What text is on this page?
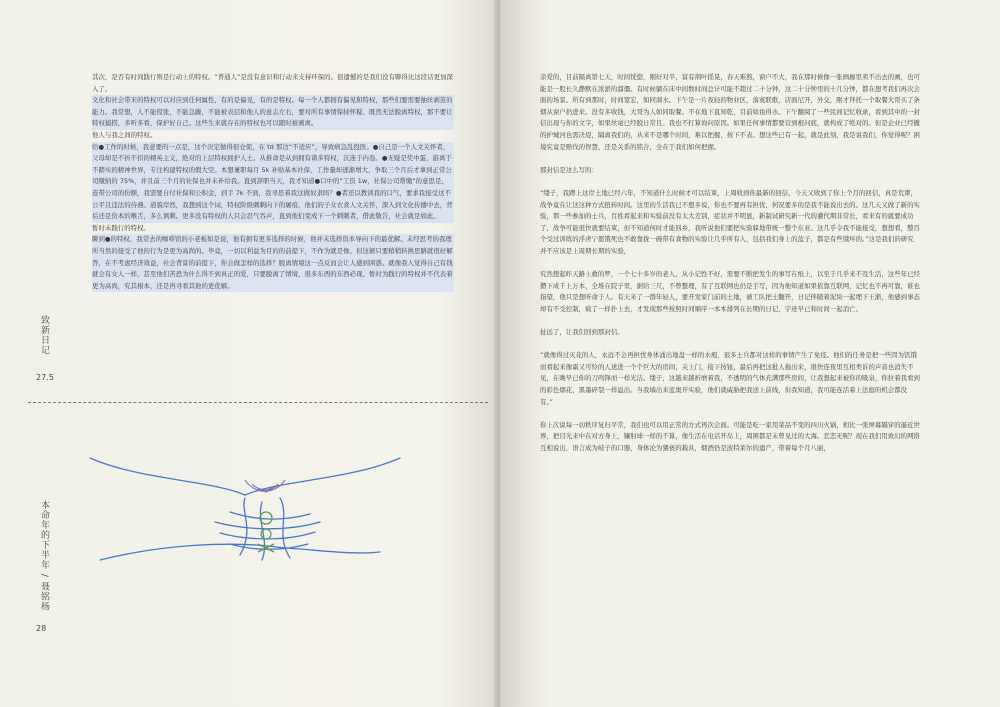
其次，是否有时间践行则是行动上的特权。“普通人”是没有意识和行动来支持环保的。很遗憾的是我们没有聊得比这段话更加深入了。

文化和社会带来的特权可以对应到任何属性，有的是偏见，有的是特权。每一个人都拥有偏见和特权，那些们要需要抽丝剥茧的能力。我常想，人不能慌张，不能急躁，不能被表层和他人的意志左右，要对所有事情保持怀疑。既然无法脱离特权，那不要让特权捕捞，多听多看，保护好自己。这些生来就存在的特权也可以随时被剥离。

他人与我之间的特权。

给●工作的时候，我意要的一点是，这个决定做得很仓促，在 td 那边“不适应”，导致病急乱投医。●自己是一个人文关怀者，父母却是不折不扣的精英主义，绝对的上层特权拥护人士。从推命是从到拥有诸多特权，沉迷于内卷。●无疑是奖中蛋，游离于不踏实的精神世界，专注构建特权的假大空。本想兼职每月 5k 补贴基本社保，工作量却逐渐增大，争取三个月后才拿到正常公司缴纳的 75%，并且前三个月的社保也并未补给我。直到辞职当天，我才知道●口中的“工资 1w，社保公司帮缴”的意思是，连带公司的份额，我需要自付社保和公积金，到手 7k 不到，我寻思着我这做奴隶吗？●者还以教训我的口气，要求我接受这不公平且违法的待遇。道貌岸然，我想到这个词，特权阶级刺刺向下的屠痕，他们的子女衣食人文关怀，深入到文化传播中去，背后还是资本的喉舌，多么讽刺。更多没有特权的人只会忍气吞声，直到他们变成下一个刺刺者，借此敬告，社会就是如此。

暂时未践行的特权。

聊到●的特权，我常去的咖啡馆的小老板如是说，他有拥有更多选择的时候，他并未选择资本导向下的最优解。未经思考的我理所当然的接受了他的行为是更为高尚的。毕竟，一切以利益为目的的前提下，不作为就是像。但这颠只要稍稍转换思路就很好解答，在不考虑经济效益，社会背景的前提下，你会做怎样的选择？脱离情境这一点反而会让人感到困惑。就像我人觉得自己有钱就会有女人一样，甚至他们苦恐为什么得不到真正的爱，只要脱离了情境，很多东西的东西必现。暂时为践行的特权并不代表着更为高尚，究其根本，还是再寻看其他的更优解。

致新日记
27.5
本命年的下半年 / 聂铭杨
28

亲爱的，目前隔离第七天，时间恍惚，刚好对半，富有荆叶摇晃，春天难熬，窗户不大，我在那时候像一张画廊里卖不出去的画，也可能是一股长久静默在浓淤的溜僵。有时候躺在床中间数时间总计可能不超过二十分钟，这二十分钟里的十几分钟，都在想考我们再次会面的场景。所有到那时，时间宽宏，如同洞水。下午是一片夜轻的物业区，落寞联歌，店面尼开，外交，刚才拜托一个取餐大哥买了条烟从窗户扔进来。没有多收钱，大哥为人如同取餐。不在地下直知乾，目前如鱼得水。下午翻阅了一些民间记忆收录，看到其中的一封信出现与你的文字，如果丝毫已经脱日常且。我也不打算询问原因。如果任何事情都要营到根问底，就构成了绝对的。但是企业已经撤的护城河也需决堤，隔离我们的，从来不是哪个时间，难以把握，按下不表。想这些已有一起，就是此刻，我是说我们，你觉得呢？困境究竟是赔伐的智慧，还是关系的铭合，全在于我们如何把握。

那封信是这么写的：

“缕子，我蹲上这岸土地已经六年，不知道什么时候才可以结束，上周收到你最新的回信，今天又收到了你上个月的回信，真是荒谬，战争竟在让这这种方式扭转时间。这里的生活我已不想多说，你也不要再有担忧，何况要多的是我不能说出去的。这几天又做了新的实验，那一些参加的士兵，百姓看起来和实验前没有太大差别，症状并不明显，新制试研究新一代的灌代期非常长，看来有的就要成功了，战争可能很快就要结束，但不知道何时才能回乡，我听说他们要把实验躲地带统一整个东亚。这几乎令我不能接受，想想看，整百个受过训练的浮虏宁愿饿死也不敢靠拢一碗带有食物的实验让几乎所有人，包括我们身上的蓝子，都是有些饿坏的。”这是我们的研究并不应该是上周期长期的实验，

究然想起昨天路上救的罗，一个七十多岁的老人，从小记性不好，需要不断把发生的事写在纸上，以至于几乎来不及生活，这些年已经攒下成千上万本，全堆在院子里，据给三尺，不曾整理，有了互联网也仍是手写，因为他知道如果依靠互联网，记忆也不再可靠，谁也指望，他只是想听命于人。有天来了一群年轻人，要开发家门前的土地，被工队把土翻开，日记伴随着泥块一起埋下王渐，他感到事态却有不受控制，疯了一样扑上去，才发现那些按照时间顺序一本本排列在长期的日记，宇迹早已和时间一起消亡。

扯远了，让我们回到那封信。

“就像得过灭花的人，永远不会再担忧身体涌出地盘一样的水疱，很多士兵都对这样的事情产生了免疫。他们的任务是把一些因为饥饿而看起来像霜又可怜的人送进一个个巨大的房间，关上门，接下按钮，最后再把这批人拖出来，很快连夜里互相类诉的声音也消失不见，在晚早已你的刀鸣锋而一样光洁。缕子，这越来越折磨着我，不透明的气体充满那些房间，让我想起来被你的吸泉，你拉着我看到的彩色烟花，黑墨碎裂一样溢出。当我墙出来蓝奥开实验，他们就威胁把我送上前线，但我知道，我可能连活着上法庭的机会都没有。”

你上次说每一切秩序复归平常，我们也可以用正常的方式再次会面。可能是吃一家用菜品不变的四川火锅，相比一张屏幕隔穿的逼近世界，把目光来中在对方身上，镶射球一样的不算，像生活在电话开岛上，周围都是未曾见过的大海。恋恋无呢？现在我们用致幻的网络互相说出，语言成为岐子的口器，身体沦为猥亵的载具，烟酒仍是波特莱尔的遗产，带着每个月八丽，
